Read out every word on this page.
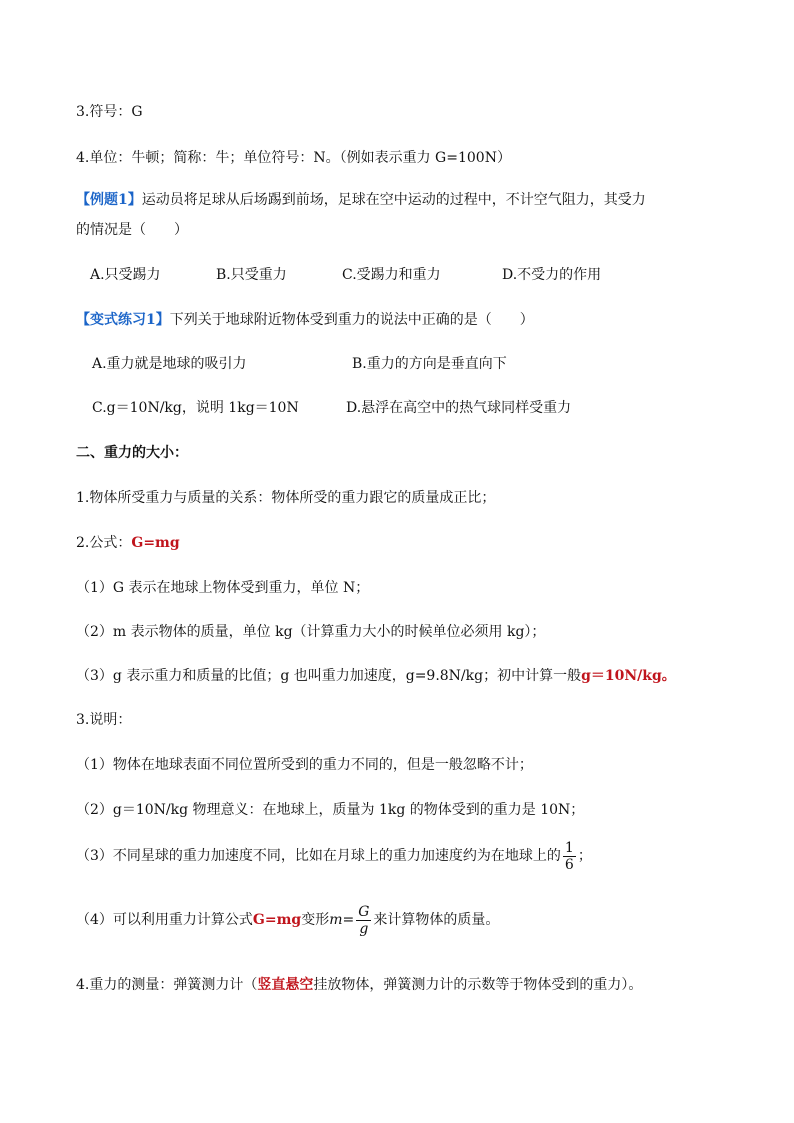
3.符号：G
4.单位：牛顿；简称：牛；单位符号：N。（例如表示重力 G=100N）
【例题1】运动员将足球从后场踢到前场，足球在空中运动的过程中，不计空气阻力，其受力
的情况是（　　）
A.只受踢力	B.只受重力	C.受踢力和重力	D.不受力的作用
【变式练习1】下列关于地球附近物体受到重力的说法中正确的是（　　）
A.重力就是地球的吸引力	B.重力的方向是垂直向下
C.g＝10N/kg，说明 1kg＝10N	D.悬浮在高空中的热气球同样受重力
二、重力的大小：
1.物体所受重力与质量的关系：物体所受的重力跟它的质量成正比；
2.公式：G=mg
（1）G 表示在地球上物体受到重力，单位 N；
（2）m 表示物体的质量，单位 kg（计算重力大小的时候单位必须用 kg）；
（3）g 表示重力和质量的比值；g 也叫重力加速度，g=9.8N/kg；初中计算一般g＝10N/kg。
3.说明：
（1）物体在地球表面不同位置所受到的重力不同的，但是一般忽略不计；
（2）g＝10N/kg 物理意义：在地球上，质量为 1kg 的物体受到的重力是 10N；
（3）不同星球的重力加速度不同，比如在月球上的重力加速度约为在地球上的 $\frac{1}{6}$ ；
（4）可以利用重力计算公式G=mg变形$m= \frac{G}{g}$ 来计算物体的质量。
4.重力的测量：弹簧测力计（竖直悬空挂放物体，弹簧测力计的示数等于物体受到的重力）。
